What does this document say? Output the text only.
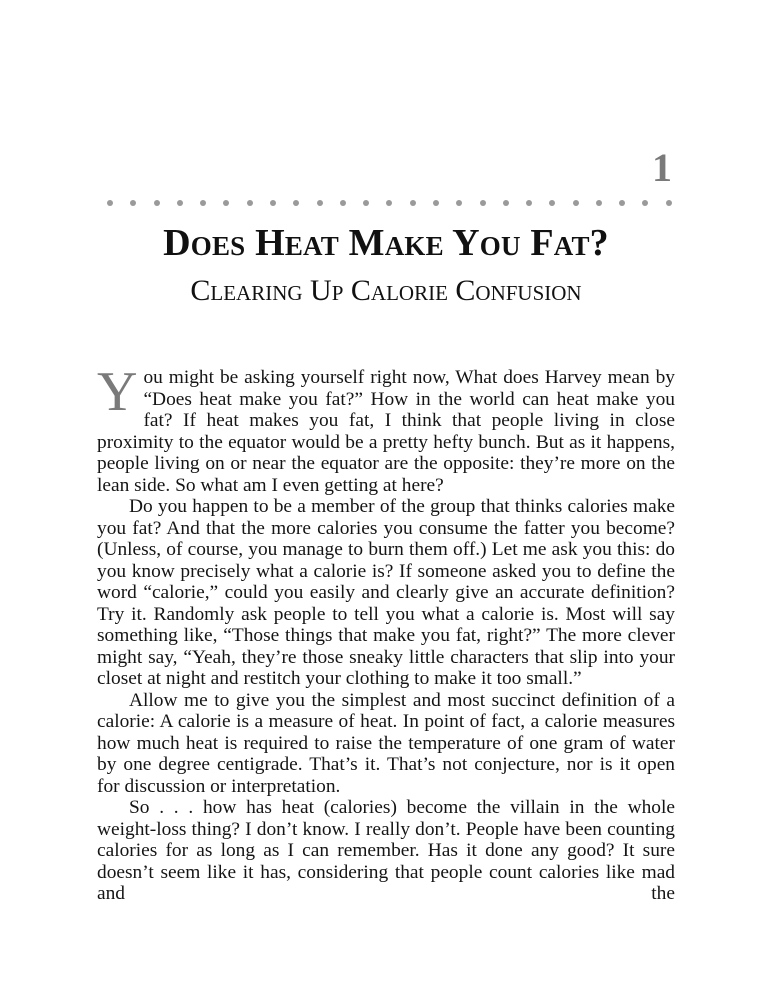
1
Does Heat Make You Fat?
Clearing Up Calorie Confusion

You might be asking yourself right now, What does Harvey mean by “Does heat make you fat?” How in the world can heat make you fat? If heat makes you fat, I think that people living in close proximity to the equator would be a pretty hefty bunch. But as it happens, people living on or near the equator are the opposite: they’re more on the lean side. So what am I even getting at here?

Do you happen to be a member of the group that thinks calories make you fat? And that the more calories you consume the fatter you become? (Unless, of course, you manage to burn them off.) Let me ask you this: do you know precisely what a calorie is? If someone asked you to define the word “calorie,” could you easily and clearly give an accurate definition? Try it. Randomly ask people to tell you what a calorie is. Most will say something like, “Those things that make you fat, right?” The more clever might say, “Yeah, they’re those sneaky little characters that slip into your closet at night and restitch your clothing to make it too small.”

Allow me to give you the simplest and most succinct definition of a calorie: A calorie is a measure of heat. In point of fact, a calorie measures how much heat is required to raise the temperature of one gram of water by one degree centigrade. That’s it. That’s not conjecture, nor is it open for discussion or interpretation.

So . . . how has heat (calories) become the villain in the whole weight-loss thing? I don’t know. I really don’t. People have been counting calories for as long as I can remember. Has it done any good? It sure doesn’t seem like it has, considering that people count calories like mad and the
